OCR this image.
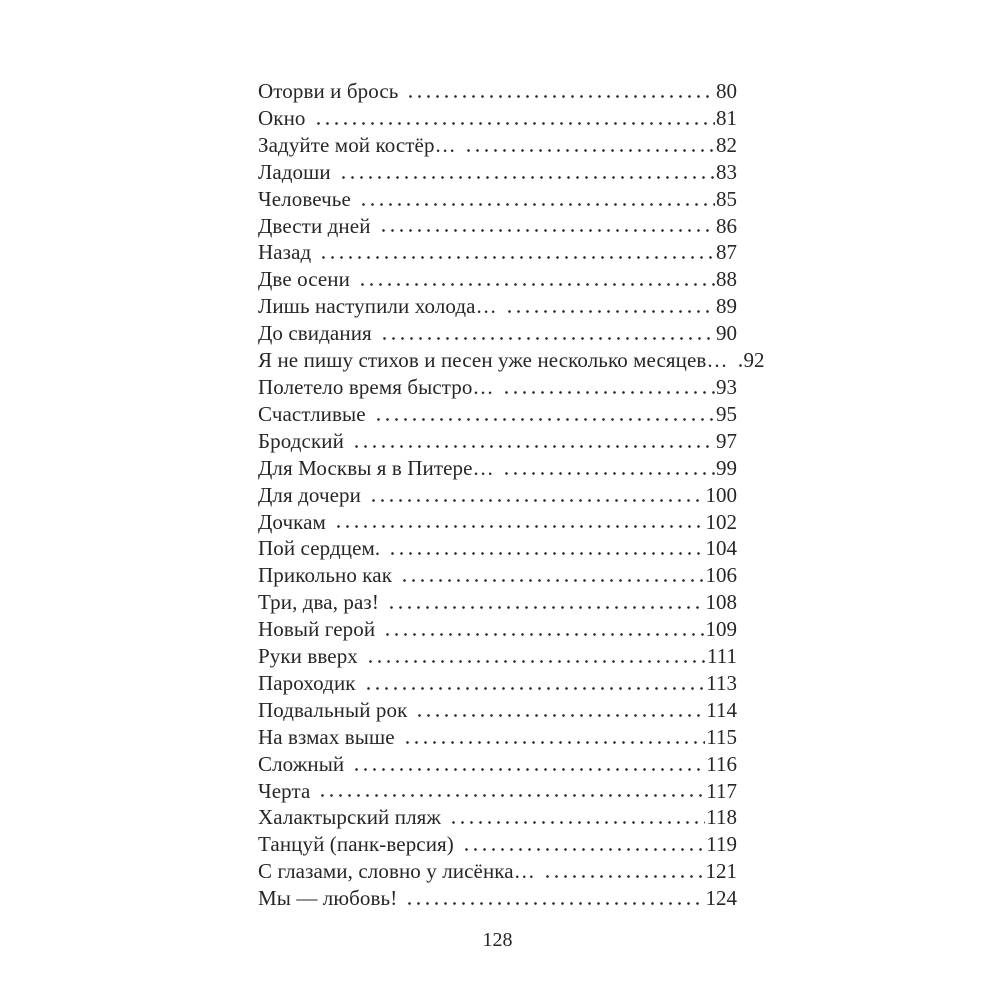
Оторви и брось	80
Окно	81
Задуйте мой костёр…	82
Ладоши	83
Человечье	85
Двести дней	86
Назад	87
Две осени	88
Лишь наступили холода…	89
До свидания	90
Я не пишу стихов и песен уже несколько месяцев… 92
Полетело время быстро…	93
Счастливые	95
Бродский	97
Для Москвы я в Питере…	99
Для дочери	100
Дочкам	102
Пой сердцем.	104
Прикольно как	106
Три, два, раз!	108
Новый герой	109
Руки вверх	111
Пароходик	113
Подвальный рок	114
На взмах выше	115
Сложный	116
Черта	117
Халактырский пляж	118
Танцуй (панк-версия)	119
С глазами, словно у лисёнка…	121
Мы — любовь!	124
128
